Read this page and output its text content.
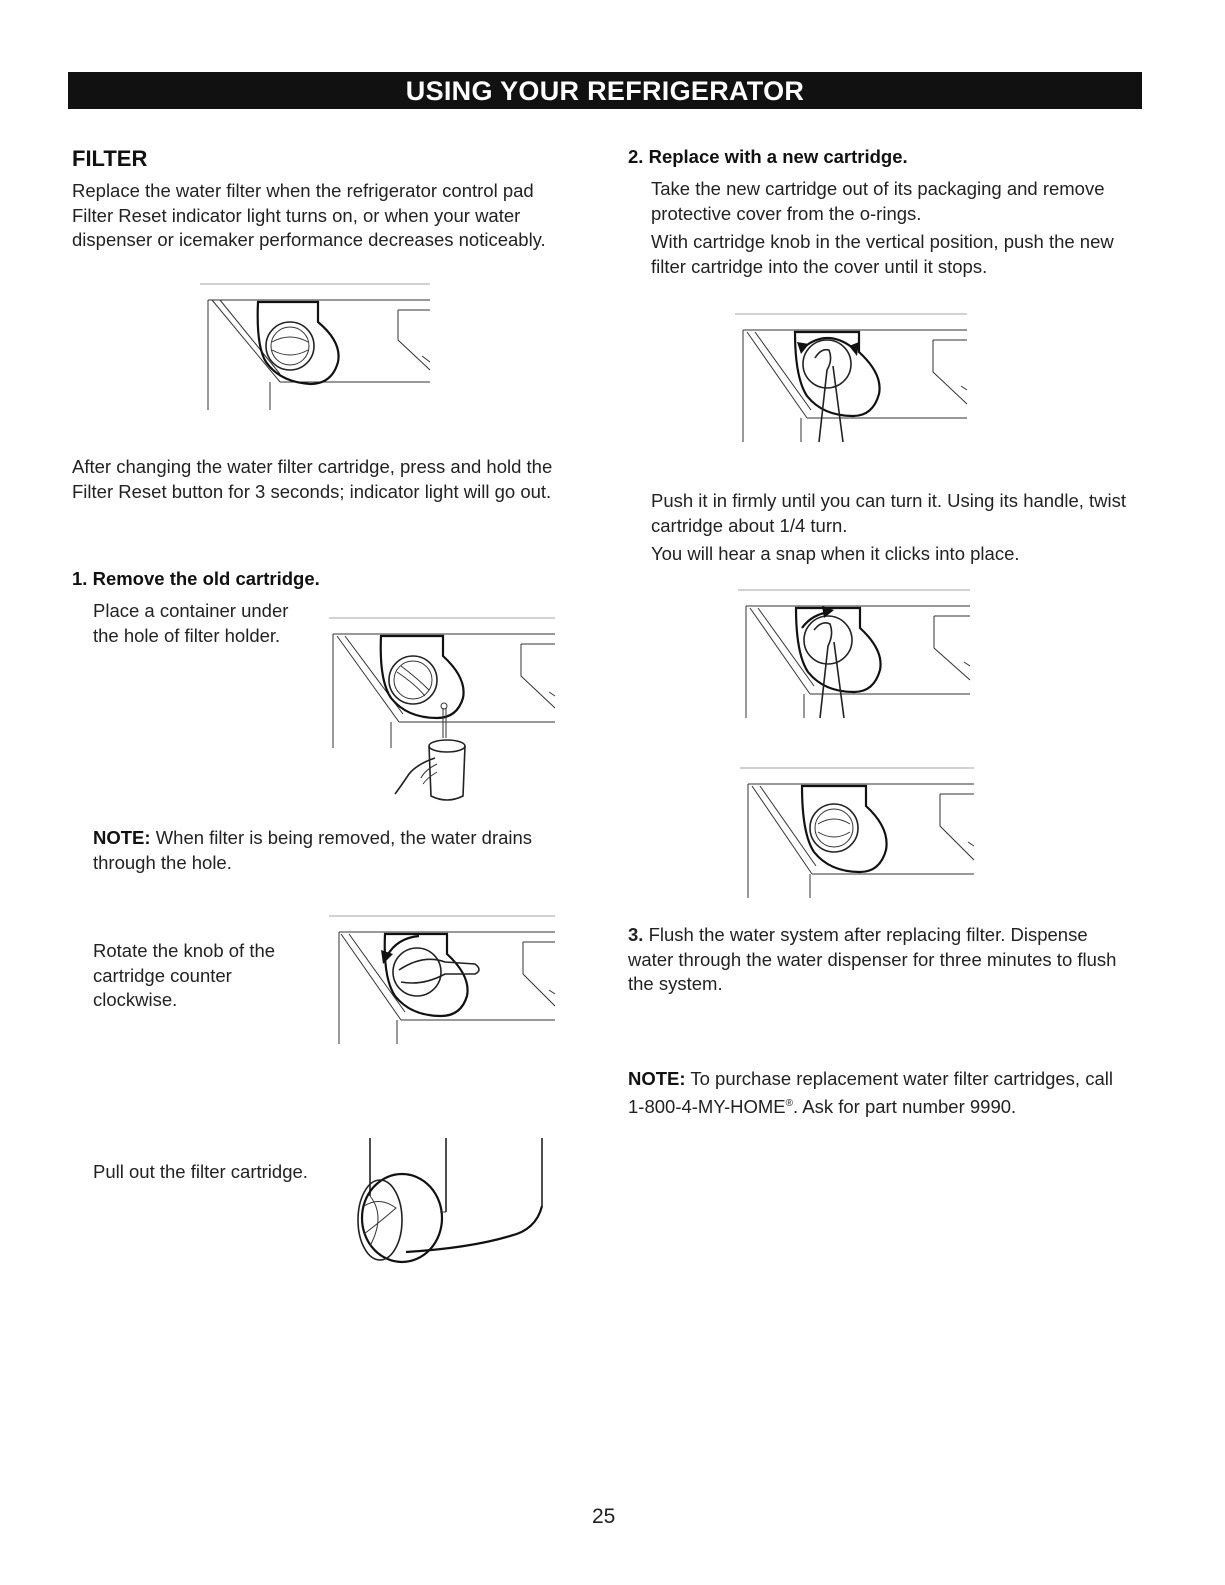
USING YOUR REFRIGERATOR
FILTER

Replace the water filter when the refrigerator control pad Filter Reset indicator light turns on, or when your water dispenser or icemaker performance decreases noticeably.

After changing the water filter cartridge, press and hold the Filter Reset button for 3 seconds; indicator light will go out.

1. Remove the old cartridge.

Place a container under the hole of filter holder.

NOTE: When filter is being removed, the water drains through the hole.

Rotate the knob of the cartridge counter clockwise.

Pull out the filter cartridge.

2. Replace with a new cartridge.

Take the new cartridge out of its packaging and remove protective cover from the o-rings.

With cartridge knob in the vertical position, push the new filter cartridge into the cover until it stops.

Push it in firmly until you can turn it. Using its handle, twist cartridge about 1/4 turn.

You will hear a snap when it clicks into place.

3. Flush the water system after replacing filter. Dispense water through the water dispenser for three minutes to flush the system.
NOTE: To purchase replacement water filter cartridges, call 1-800-4-MY-HOME®. Ask for part number 9990.
25
